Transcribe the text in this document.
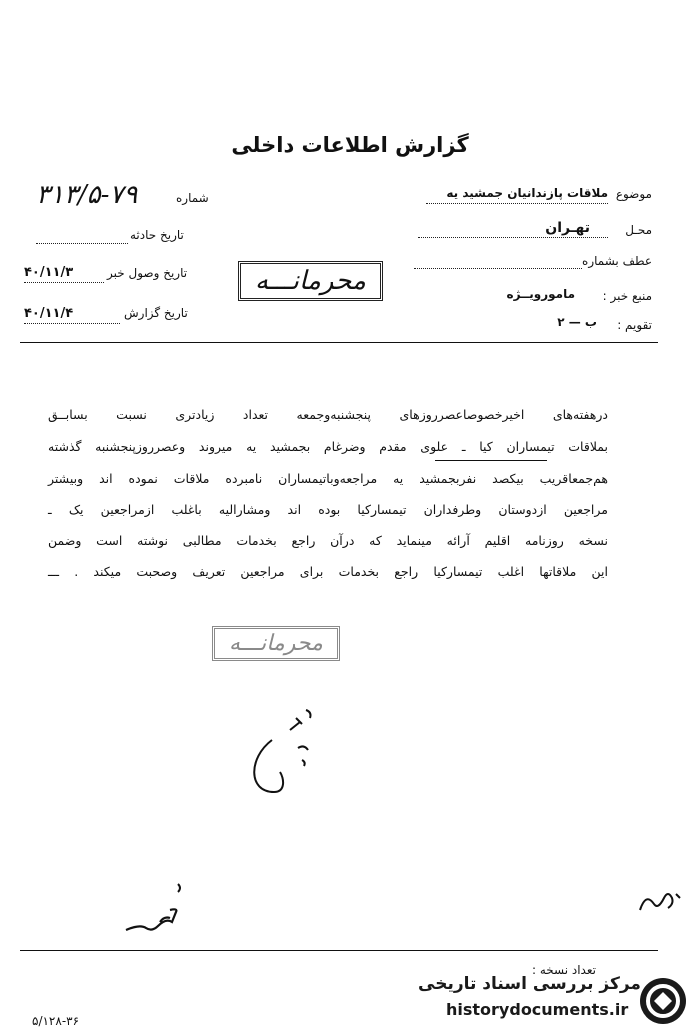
گزارش اطلاعات داخلی
شماره
۳۱۳/۵-۷۹
تاریخ حادثه
تاریخ وصول خبر
۴۰/۱۱/۳
تاریخ گزارش
۴۰/۱۱/۴
محرمانـــه
موضوع
ملاقات پازندانیان جمشید یه
محـل
تهـران
عطف بشماره
منبع خبر :
مامورویــژه
تقویم :
ب — ۲
درهفته‌های اخیرخصوصاعصرروزهای پنجشنبه‌وجمعه تعداد زیادتری نسبت بسابــق
بملاقات تیمساران کیا ـ علوی مقدم وضرغام بجمشید یه میروند وعصرروزپنجشنبه گذشته
هم‌جمعاقریب بیکصد نفربجمشید یه مراجعه‌وباتیمساران نامبرده ملاقات نموده اند وبیشتر
مراجعین ازدوستان وطرفداران تیمسارکیا بوده اند ومشارالیه باغلب ازمراجعین یک ـ
نسخه روزنامه اقلیم آرائه مینماید که درآن راجع بخدمات مطالبی نوشته است وضمن
این ملاقاتها اغلب تیمسارکیا راجع بخدمات برای مراجعین تعریف وصحبت میکند . ـــ
محرمانـــه
تعداد نسخه :
۵/۱۲۸-۳۶
مرکز بررسی اسناد تاریخی
historydocuments.ir
